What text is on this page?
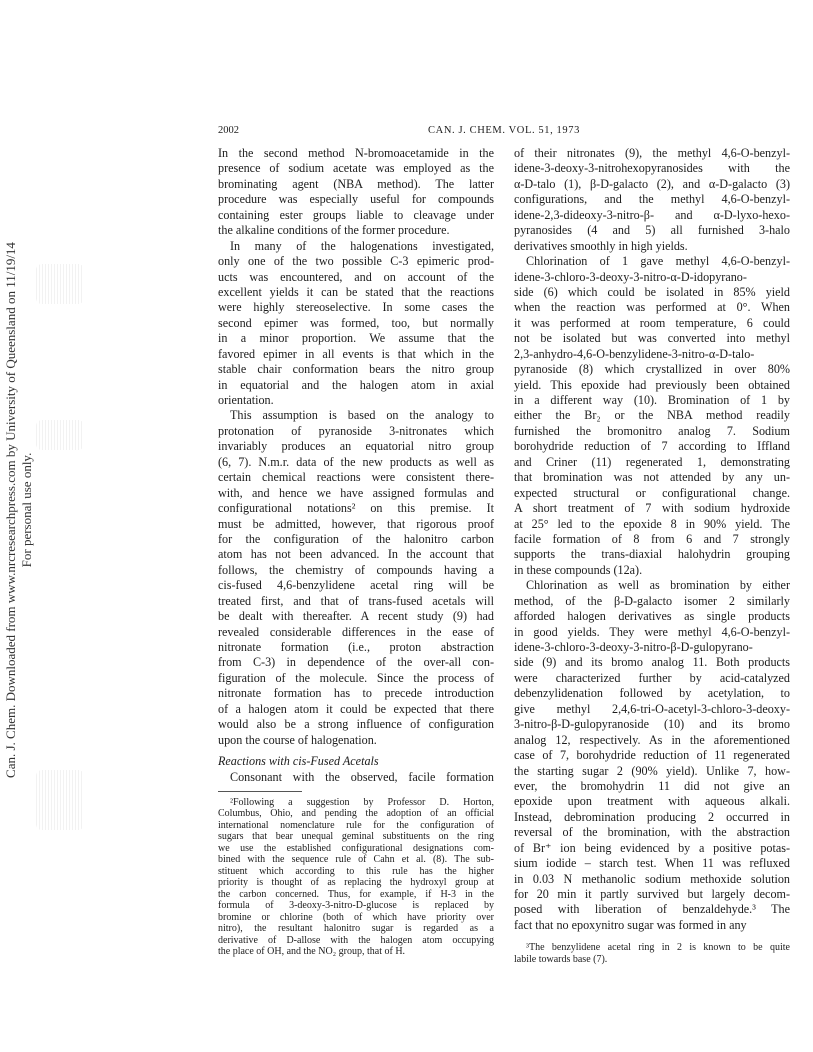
Can. J. Chem. Downloaded from www.nrcresearchpress.com by University of Queensland on 11/19/14 For personal use only.
2002	CAN. J. CHEM. VOL. 51, 1973
In the second method N-bromoacetamide in the
presence of sodium acetate was employed as the
brominating agent (NBA method). The latter
procedure was especially useful for compounds
containing ester groups liable to cleavage under
the alkaline conditions of the former procedure.
In many of the halogenations investigated,
only one of the two possible C-3 epimeric prod-
ucts was encountered, and on account of the
excellent yields it can be stated that the reactions
were highly stereoselective. In some cases the
second epimer was formed, too, but normally
in a minor proportion. We assume that the
favored epimer in all events is that which in the
stable chair conformation bears the nitro group
in equatorial and the halogen atom in axial
orientation.
This assumption is based on the analogy to
protonation of pyranoside 3-nitronates which
invariably produces an equatorial nitro group
(6, 7). N.m.r. data of the new products as well as
certain chemical reactions were consistent there-
with, and hence we have assigned formulas and
configurational notations² on this premise. It
must be admitted, however, that rigorous proof
for the configuration of the halonitro carbon
atom has not been advanced. In the account that
follows, the chemistry of compounds having a
cis-fused 4,6-benzylidene acetal ring will be
treated first, and that of trans-fused acetals will
be dealt with thereafter. A recent study (9) had
revealed considerable differences in the ease of
nitronate formation (i.e., proton abstraction
from C-3) in dependence of the over-all con-
figuration of the molecule. Since the process of
nitronate formation has to precede introduction
of a halogen atom it could be expected that there
would also be a strong influence of configuration
upon the course of halogenation.
Reactions with cis-Fused Acetals
Consonant with the observed, facile formation
²Following a suggestion by Professor D. Horton,
Columbus, Ohio, and pending the adoption of an official
international nomenclature rule for the configuration of
sugars that bear unequal geminal substituents on the ring
we use the established configurational designations com-
bined with the sequence rule of Cahn et al. (8). The sub-
stituent which according to this rule has the higher
priority is thought of as replacing the hydroxyl group at
the carbon concerned. Thus, for example, if H-3 in the
formula of 3-deoxy-3-nitro-D-glucose is replaced by
bromine or chlorine (both of which have priority over
nitro), the resultant halonitro sugar is regarded as a
derivative of D-allose with the halogen atom occupying
the place of OH, and the NO₂ group, that of H.
of their nitronates (9), the methyl 4,6-O-benzyl-
idene-3-deoxy-3-nitrohexopyranosides with the
α-D-talo (1), β-D-galacto (2), and α-D-galacto (3)
configurations, and the methyl 4,6-O-benzyl-
idene-2,3-dideoxy-3-nitro-β- and α-D-lyxo-hexo-
pyranosides (4 and 5) all furnished 3-halo
derivatives smoothly in high yields.
Chlorination of 1 gave methyl 4,6-O-benzyl-
idene-3-chloro-3-deoxy-3-nitro-α-D-idopyrano-
side (6) which could be isolated in 85% yield
when the reaction was performed at 0°. When
it was performed at room temperature, 6 could
not be isolated but was converted into methyl
2,3-anhydro-4,6-O-benzylidene-3-nitro-α-D-talo-
pyranoside (8) which crystallized in over 80%
yield. This epoxide had previously been obtained
in a different way (10). Bromination of 1 by
either the Br₂ or the NBA method readily
furnished the bromonitro analog 7. Sodium
borohydride reduction of 7 according to Iffland
and Criner (11) regenerated 1, demonstrating
that bromination was not attended by any un-
expected structural or configurational change.
A short treatment of 7 with sodium hydroxide
at 25° led to the epoxide 8 in 90% yield. The
facile formation of 8 from 6 and 7 strongly
supports the trans-diaxial halohydrin grouping
in these compounds (12a).
Chlorination as well as bromination by either
method, of the β-D-galacto isomer 2 similarly
afforded halogen derivatives as single products
in good yields. They were methyl 4,6-O-benzyl-
idene-3-chloro-3-deoxy-3-nitro-β-D-gulopyrano-
side (9) and its bromo analog 11. Both products
were characterized further by acid-catalyzed
debenzylidenation followed by acetylation, to
give methyl 2,4,6-tri-O-acetyl-3-chloro-3-deoxy-
3-nitro-β-D-gulopyranoside (10) and its bromo
analog 12, respectively. As in the aforementioned
case of 7, borohydride reduction of 11 regenerated
the starting sugar 2 (90% yield). Unlike 7, how-
ever, the bromohydrin 11 did not give an
epoxide upon treatment with aqueous alkali.
Instead, debromination producing 2 occurred in
reversal of the bromination, with the abstraction
of Br⁺ ion being evidenced by a positive potas-
sium iodide – starch test. When 11 was refluxed
in 0.03 N methanolic sodium methoxide solution
for 20 min it partly survived but largely decom-
posed with liberation of benzaldehyde.³ The
fact that no epoxynitro sugar was formed in any
³The benzylidene acetal ring in 2 is known to be quite
labile towards base (7).
